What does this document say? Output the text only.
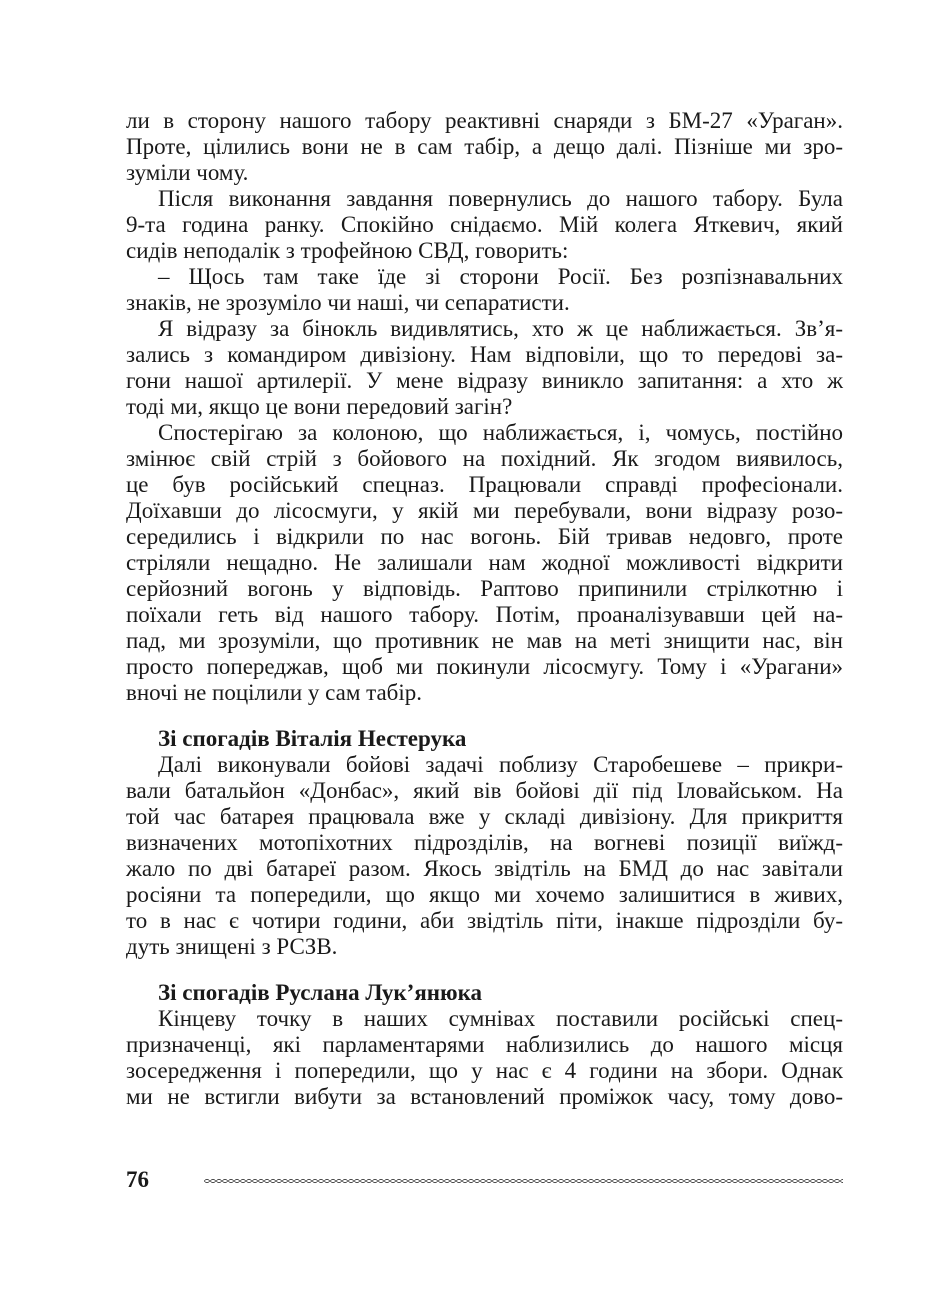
ли в сторону нашого табору реактивні снаряди з БМ-27 «Ураган».
Проте, цілились вони не в сам табір, а дещо далі. Пізніше ми зро-
зуміли чому.
Після виконання завдання повернулись до нашого табору. Була
9-та година ранку. Спокійно снідаємо. Мій колега Яткевич, який
сидів неподалік з трофейною СВД, говорить:
– Щось там таке їде зі сторони Росії. Без розпізнавальних
знаків, не зрозуміло чи наші, чи сепаратисти.
Я відразу за бінокль видивлятись, хто ж це наближається. Зв’я-
зались з командиром дивізіону. Нам відповіли, що то передові за-
гони нашої артилерії. У мене відразу виникло запитання: а хто ж
тоді ми, якщо це вони передовий загін?
Спостерігаю за колоною, що наближається, і, чомусь, постійно
змінює свій стрій з бойового на похідний. Як згодом виявилось,
це був російський спецназ. Працювали справді професіонали.
Доїхавши до лісосмуги, у якій ми перебували, вони відразу розо-
середились і відкрили по нас вогонь. Бій тривав недовго, проте
стріляли нещадно. Не залишали нам жодної можливості відкрити
серйозний вогонь у відповідь. Раптово припинили стрілкотню і
поїхали геть від нашого табору. Потім, проаналізувавши цей на-
пад, ми зрозуміли, що противник не мав на меті знищити нас, він
просто попереджав, щоб ми покинули лісосмугу. Тому і «Урагани»
вночі не поцілили у сам табір.
Зі спогадів Віталія Нестерука
Далі виконували бойові задачі поблизу Старобешеве – прикри-
вали батальйон «Донбас», який вів бойові дії під Іловайськом. На
той час батарея працювала вже у складі дивізіону. Для прикриття
визначених мотопіхотних підрозділів, на вогневі позиції виїжд-
жало по дві батареї разом. Якось звідтіль на БМД до нас завітали
росіяни та попередили, що якщо ми хочемо залишитися в живих,
то в нас є чотири години, аби звідтіль піти, інакше підрозділи бу-
дуть знищені з РСЗВ.
Зі спогадів Руслана Лук’янюка
Кінцеву точку в наших сумнівах поставили російські спец-
призначенці, які парламентарями наблизились до нашого місця
зосередження і попередили, що у нас є 4 години на збори. Однак
ми не встигли вибути за встановлений проміжок часу, тому дово-
76
